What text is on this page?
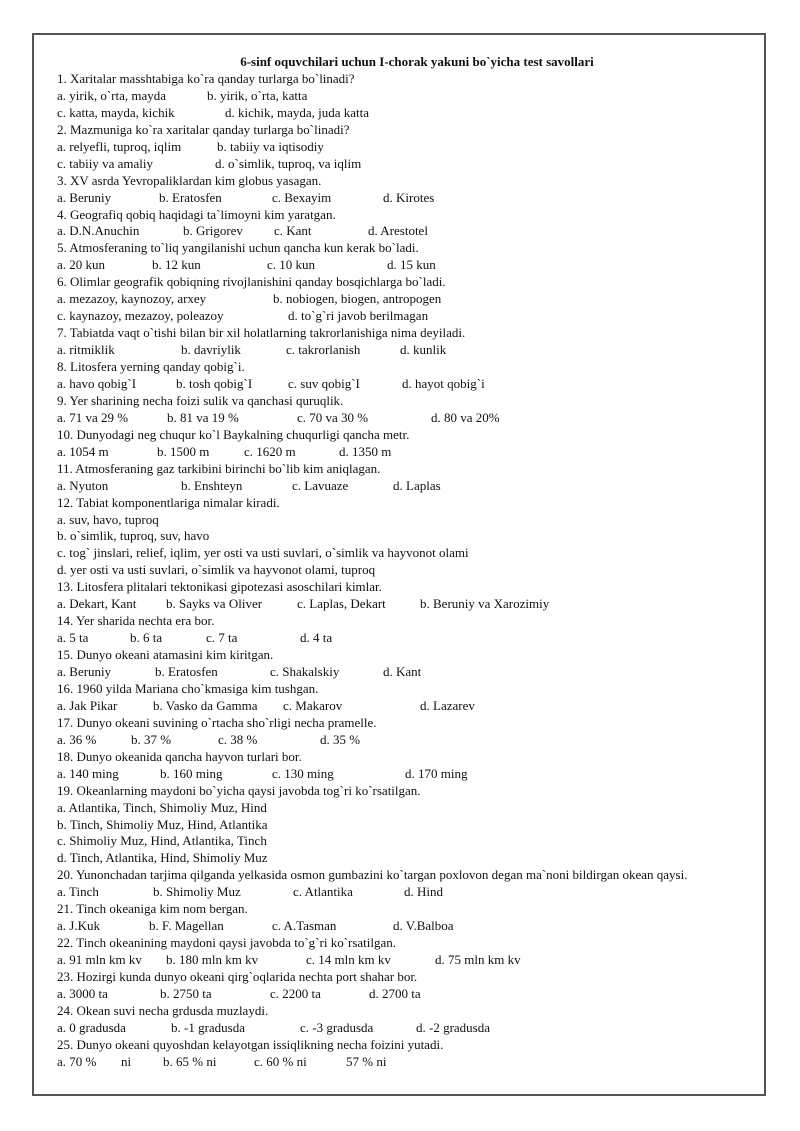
6-sinf oquvchilari uchun I-chorak yakuni bo`yicha test savollari
1. Xaritalar masshtabiga ko`ra qanday turlarga bo`linadi?
a. yirik, o`rta, mayda	b. yirik, o`rta, katta
c. katta, mayda, kichik	d. kichik, mayda, juda katta
2. Mazmuniga ko`ra xaritalar qanday turlarga bo`linadi?
a. relyefli, tuproq, iqlim	b. tabiiy va iqtisodiy
c. tabiiy va amaliy	d. o`simlik, tuproq, va iqlim
3. XV asrda Yevropaliklardan kim globus yasagan.
a. Beruniy	b. Eratosfen	c. Bexayim	d. Kirotes
4. Geografiq qobiq haqidagi ta`limoyni kim yaratgan.
a. D.N.Anuchin	b. Grigorev c. Kant	d. Arestotel
5. Atmosferaning to`liq yangilanishi uchun qancha kun kerak bo`ladi.
a. 20 kun	b. 12 kun	c. 10 kun	d. 15 kun
6. Olimlar geografik qobiqning rivojlanishini qanday bosqichlarga bo`ladi.
a. mezazoy, kaynozoy, arxey	b. nobiogen, biogen, antropogen
c. kaynazoy, mezazoy, poleazoy	d. to`g`ri javob berilmagan
7. Tabiatda vaqt o`tishi bilan bir xil holatlarning takrorlanishiga nima deyiladi.
a. ritmiklik	b. davriylik	c. takrorlanish	d. kunlik
8. Litosfera yerning qanday qobig`i.
a. havo qobig`I	b. tosh qobig`I	c. suv qobig`I	d. hayot qobig`i
9. Yer sharining necha foizi sulik va qanchasi quruqlik.
a. 71 va 29 %	b. 81 va 19 %	c. 70 va 30 %	d. 80 va 20%
10. Dunyodagi neg chuqur ko`l Baykalning chuqurligi qancha metr.
a. 1054 m	b. 1500 m	c. 1620 m	d. 1350 m
11. Atmosferaning gaz tarkibini birinchi bo`lib kim aniqlagan.
a. Nyuton	b. Enshteyn	c. Lavuaze	d. Laplas
12. Tabiat komponentlariga nimalar kiradi.
a. suv, havo, tuproq
b. o`simlik, tuproq, suv, havo
c. tog` jinslari, relief, iqlim, yer osti va usti suvlari, o`simlik va hayvonot olami
d. yer osti va usti suvlari, o`simlik va hayvonot olami, tuproq
13. Litosfera plitalari tektonikasi gipotezasi asoschilari kimlar.
a. Dekart, Kant b. Sayks va Oliver	c. Laplas, Dekart	b. Beruniy va Xarozimiy
14. Yer sharida nechta era bor.
a. 5 ta	b. 6 ta	c. 7 ta	d. 4 ta
15. Dunyo okeani atamasini kim kiritgan.
a. Beruniy	b. Eratosfen	c. Shakalskiy	d. Kant
16. 1960 yilda Mariana cho`kmasiga kim tushgan.
a. Jak Pikar	b. Vasko da Gamma c. Makarov	d. Lazarev
17. Dunyo okeani suvining o`rtacha sho`rligi necha pramelle.
a. 36 %	b. 37 %	c. 38 %	d. 35 %
18. Dunyo okeanida qancha hayvon turlari bor.
a. 140 ming	b. 160 ming	c. 130 ming	d. 170 ming
19. Okeanlarning maydoni bo`yicha qaysi javobda tog`ri ko`rsatilgan.
a. Atlantika, Tinch, Shimoliy Muz, Hind
b. Tinch, Shimoliy Muz, Hind, Atlantika
c. Shimoliy Muz, Hind, Atlantika, Tinch
d. Tinch, Atlantika, Hind, Shimoliy Muz
20. Yunonchadan tarjima qilganda yelkasida osmon gumbazini ko`targan poxlovon degan ma`noni bildirgan okean qaysi.
a. Tinch	b. Shimoliy Muz	c. Atlantika	d. Hind
21. Tinch okeaniga kim nom bergan.
a. J.Kuk	b. F. Magellan	c. A.Tasman	d. V.Balboa
22. Tinch okeanining maydoni qaysi javobda to`g`ri ko`rsatilgan.
a. 91 mln km kv b. 180 mln km kv	c. 14 mln km kv	d. 75 mln km kv
23. Hozirgi kunda dunyo okeani qirg`oqlarida nechta port shahar bor.
a. 3000 ta	b. 2750 ta	c. 2200 ta	d. 2700 ta
24. Okean suvi necha grdusda muzlaydi.
a. 0 gradusda	b. -1 gradusda	c. -3 gradusda	d. -2 gradusda
25. Dunyo okeani quyoshdan kelayotgan issiqlikning necha foizini yutadi.
a. 70 % ni b. 65 % ni	c. 60 % ni	57 % ni
